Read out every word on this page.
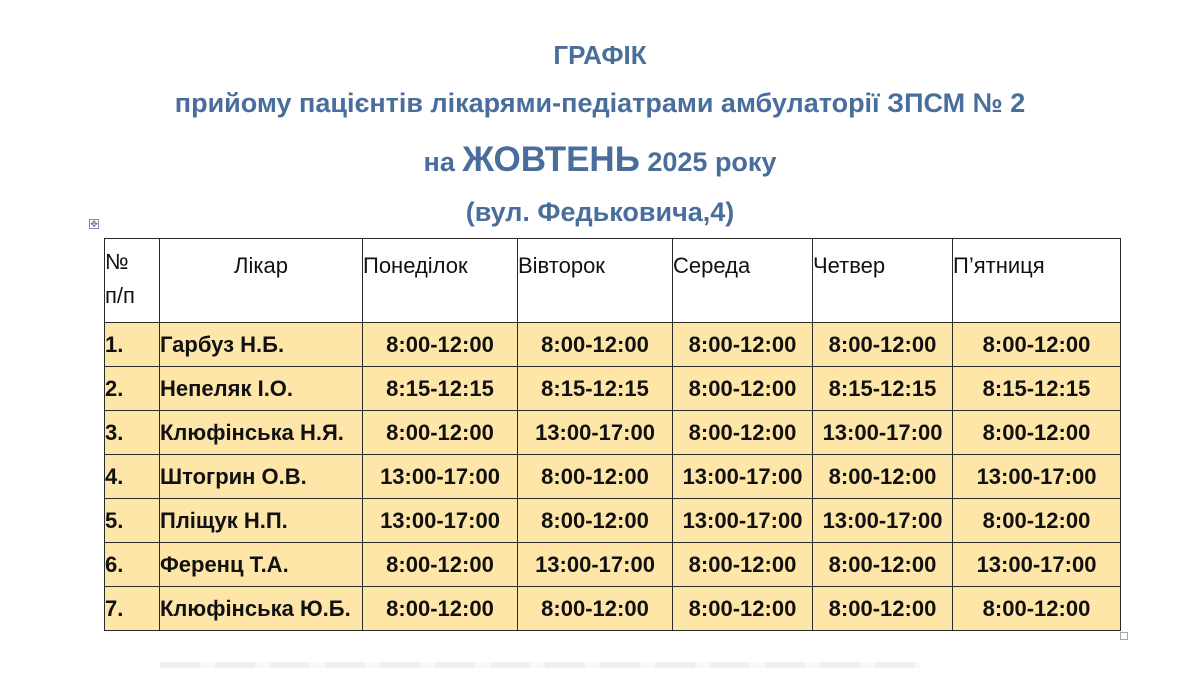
ГРАФІК
прийому пацієнтів лікарями-педіатрами амбулаторії ЗПСМ № 2
на ЖОВТЕНЬ 2025 року
(вул. Федьковича,4)
✥
№
п/п	Лікар	Понеділок	Вівторок	Середа	Четвер	П’ятниця
1.	Гарбуз Н.Б.	8:00-12:00	8:00-12:00	8:00-12:00	8:00-12:00	8:00-12:00
2.	Непеляк І.О.	8:15-12:15	8:15-12:15	8:00-12:00	8:15-12:15	8:15-12:15
3.	Клюфінська Н.Я.	8:00-12:00	13:00-17:00	8:00-12:00	13:00-17:00	8:00-12:00
4.	Штогрин О.В.	13:00-17:00	8:00-12:00	13:00-17:00	8:00-12:00	13:00-17:00
5.	Пліщук Н.П.	13:00-17:00	8:00-12:00	13:00-17:00	13:00-17:00	8:00-12:00
6.	Ференц Т.А.	8:00-12:00	13:00-17:00	8:00-12:00	8:00-12:00	13:00-17:00
7.	Клюфінська Ю.Б.	8:00-12:00	8:00-12:00	8:00-12:00	8:00-12:00	8:00-12:00
